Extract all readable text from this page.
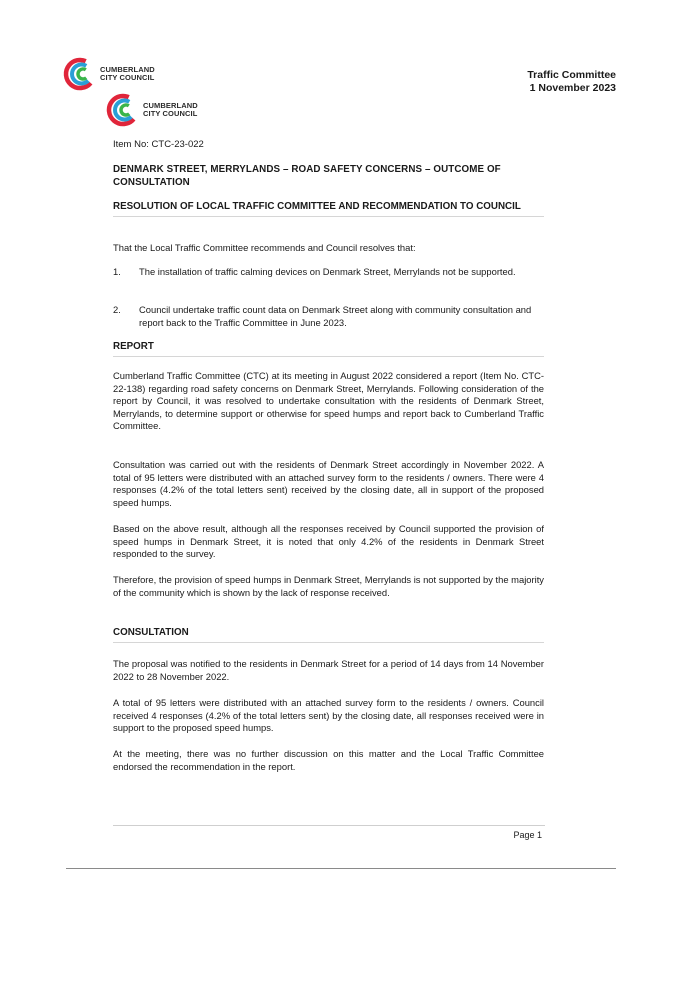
CUMBERLAND
CITY COUNCIL	Traffic Committee
1 November 2023
CUMBERLAND
CITY COUNCIL
Item No: CTC-23-022
DENMARK STREET, MERRYLANDS – ROAD SAFETY CONCERNS – OUTCOME OF CONSULTATION
RESOLUTION OF LOCAL TRAFFIC COMMITTEE AND RECOMMENDATION TO COUNCIL
That the Local Traffic Committee recommends and Council resolves that:
1.	The installation of traffic calming devices on Denmark Street, Merrylands not be supported.
2.	Council undertake traffic count data on Denmark Street along with community consultation and report back to the Traffic Committee in June 2023.
REPORT
Cumberland Traffic Committee (CTC) at its meeting in August 2022 considered a report (Item No. CTC-22-138) regarding road safety concerns on Denmark Street, Merrylands. Following consideration of the report by Council, it was resolved to undertake consultation with the residents of Denmark Street, Merrylands, to determine support or otherwise for speed humps and report back to Cumberland Traffic Committee.
Consultation was carried out with the residents of Denmark Street accordingly in November 2022. A total of 95 letters were distributed with an attached survey form to the residents / owners. There were 4 responses (4.2% of the total letters sent) received by the closing date, all in support of the proposed speed humps.
Based on the above result, although all the responses received by Council supported the provision of speed humps in Denmark Street, it is noted that only 4.2% of the residents in Denmark Street responded to the survey.
Therefore, the provision of speed humps in Denmark Street, Merrylands is not supported by the majority of the community which is shown by the lack of response received.
CONSULTATION
The proposal was notified to the residents in Denmark Street for a period of 14 days from 14 November 2022 to 28 November 2022.
A total of 95 letters were distributed with an attached survey form to the residents / owners. Council received 4 responses (4.2% of the total letters sent) by the closing date, all responses received were in support to the proposed speed humps.
At the meeting, there was no further discussion on this matter and the Local Traffic Committee endorsed the recommendation in the report.
Page 1
